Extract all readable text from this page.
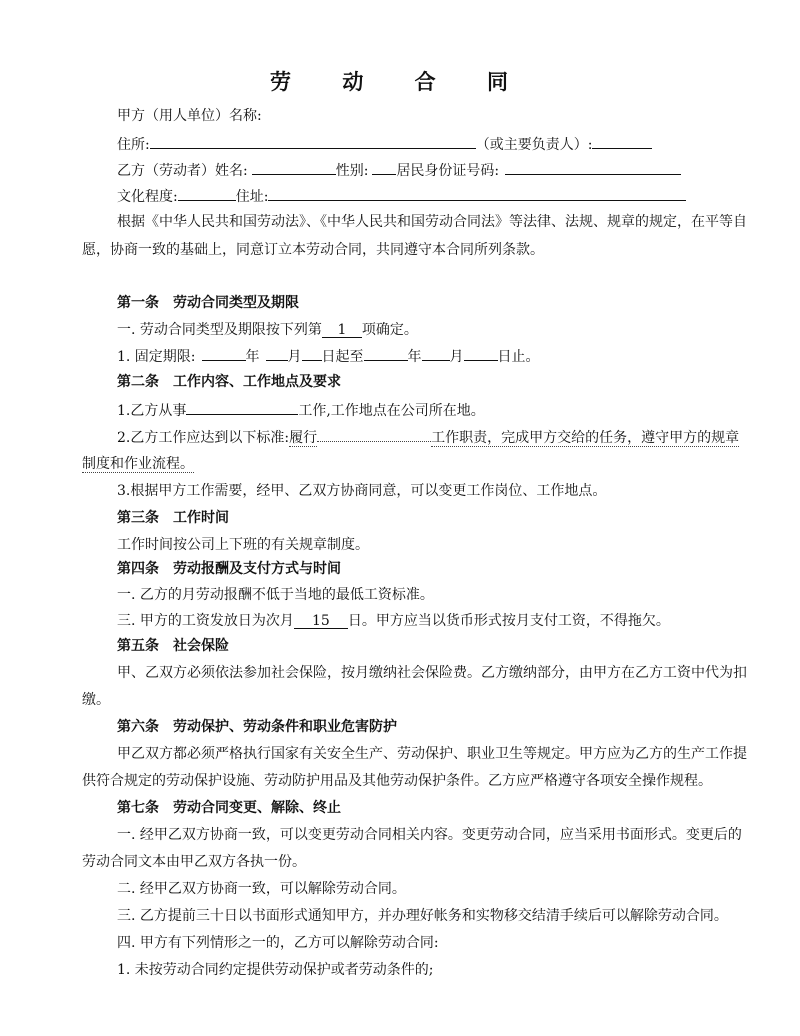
劳 动 合 同
甲方（用人单位）名称:
住所:	（或主要负责人）:
乙方（劳动者）姓名:	性别: 居民身份证号码:
文化程度:	住址:
根据《中华人民共和国劳动法》、《中华人民共和国劳动合同法》等法律、法规、规章的规定，在平等自
愿，协商一致的基础上，同意订立本劳动合同，共同遵守本合同所列条款。
第一条　劳动合同类型及期限
一. 劳动合同类型及期限按下列第 1 项确定。
1. 固定期限:	年 月 日起至	年 月 日止。
第二条　工作内容、工作地点及要求
1.乙方从事	工作,工作地点在公司所在地。
2.乙方工作应达到以下标准:履行	工作职责，完成甲方交给的任务，遵守甲方的规章
制度和作业流程。
3.根据甲方工作需要，经甲、乙双方协商同意，可以变更工作岗位、工作地点。
第三条　工作时间
工作时间按公司上下班的有关规章制度。
第四条　劳动报酬及支付方式与时间
一. 乙方的月劳动报酬不低于当地的最低工资标准。
三. 甲方的工资发放日为次月 15 日。甲方应当以货币形式按月支付工资，不得拖欠。
第五条　社会保险
甲、乙双方必须依法参加社会保险，按月缴纳社会保险费。乙方缴纳部分，由甲方在乙方工资中代为扣
缴。
第六条　劳动保护、劳动条件和职业危害防护
甲乙双方都必须严格执行国家有关安全生产、劳动保护、职业卫生等规定。甲方应为乙方的生产工作提
供符合规定的劳动保护设施、劳动防护用品及其他劳动保护条件。乙方应严格遵守各项安全操作规程。
第七条　劳动合同变更、解除、终止
一. 经甲乙双方协商一致，可以变更劳动合同相关内容。变更劳动合同，应当采用书面形式。变更后的
劳动合同文本由甲乙双方各执一份。
二. 经甲乙双方协商一致，可以解除劳动合同。
三. 乙方提前三十日以书面形式通知甲方，并办理好帐务和实物移交结清手续后可以解除劳动合同。
四. 甲方有下列情形之一的，乙方可以解除劳动合同:
1. 未按劳动合同约定提供劳动保护或者劳动条件的;
